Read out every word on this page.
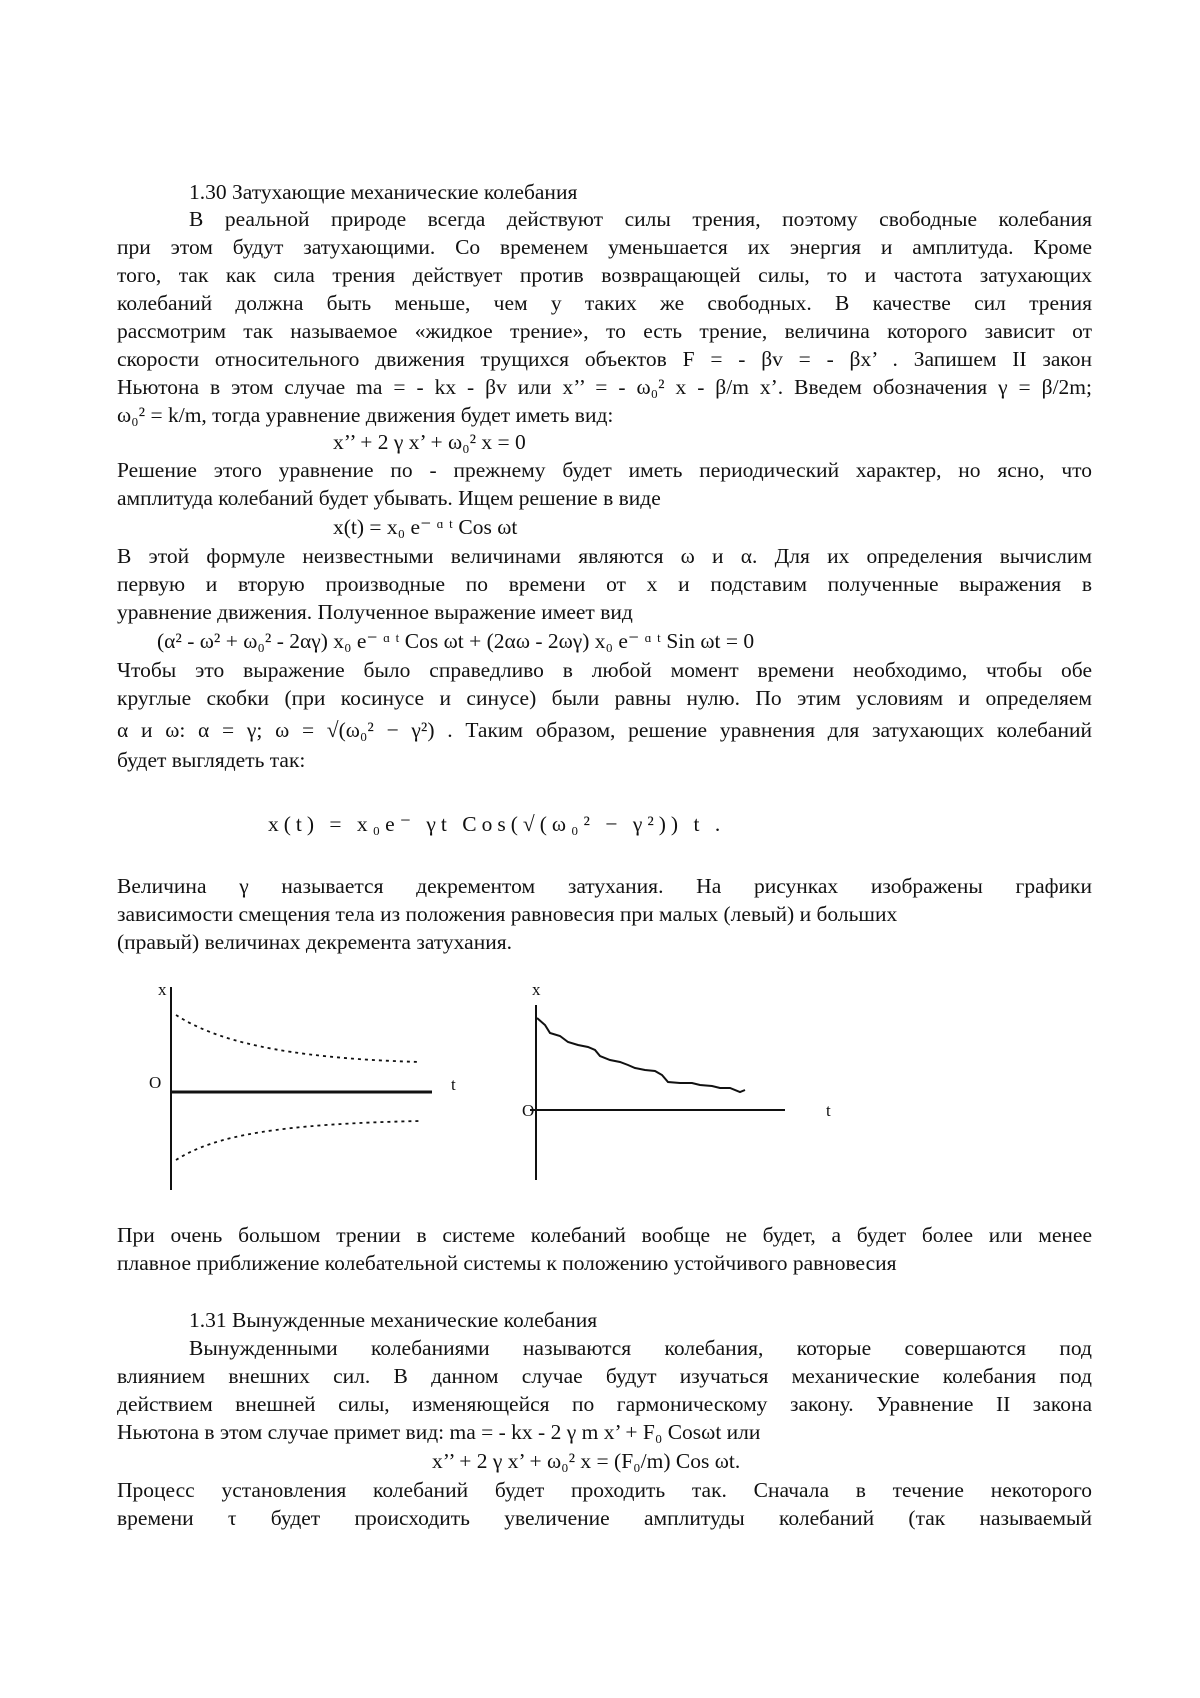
1.30 Затухающие механические колебания
В реальной природе всегда действуют силы трения, поэтому свободные колебания
при этом будут затухающими. Со временем уменьшается их энергия и амплитуда. Кроме
того, так как сила трения действует против возвращающей силы, то и частота затухающих
колебаний должна быть меньше, чем у таких же свободных. В качестве сил трения
рассмотрим так называемое «жидкое трение», то есть трение, величина которого зависит от
скорости относительного движения трущихся объектов F = - βv = - βx’ . Запишем II закон
Ньютона в этом случае ma = - kx - βv или x’’ = - ω₀² x - β/m x’. Введем обозначения γ = β/2m;
ω₀² = k/m, тогда уравнение движения будет иметь вид:
x’’ + 2 γ x’ + ω₀² x = 0
Решение этого уравнение по - прежнему будет иметь периодический характер, но ясно, что
амплитуда колебаний будет убывать. Ищем решение в виде
x(t) = x₀ e⁻ ᵅ ᵗ Cos ωt
В этой формуле неизвестными величинами являются ω и α. Для их определения вычислим
первую и вторую производные по времени от x и подставим полученные выражения в
уравнение движения. Полученное выражение имеет вид
(α² - ω² + ω₀² - 2αγ) x₀ e⁻ ᵅ ᵗ Cos ωt + (2αω - 2ωγ) x₀ e⁻ ᵅ ᵗ Sin ωt = 0
Чтобы это выражение было справедливо в любой момент времени необходимо, чтобы обе
круглые скобки (при косинусе и синусе) были равны нулю. По этим условиям и определяем
α и ω: α = γ; ω = √(ω₀² − γ²) . Таким образом, решение уравнения для затухающих колебаний
будет выглядеть так:
x(t) = x₀e⁻ γt Cos(√(ω₀² − γ²)) t .
Величина γ называется декрементом затухания. На рисунках изображены графики
зависимости смещения тела из положения равновесия при малых (левый) и больших
(правый) величинах декремента затухания.
x
t
O
x
t
O
При очень большом трении в системе колебаний вообще не будет, а будет более или менее
плавное приближение колебательной системы к положению устойчивого равновесия
1.31 Вынужденные механические колебания
Вынужденными колебаниями называются колебания, которые совершаются под
влиянием внешних сил. В данном случае будут изучаться механические колебания под
действием внешней силы, изменяющейся по гармоническому закону. Уравнение II закона
Ньютона в этом случае примет вид: ma = - kx - 2 γ m x’ + F₀ Cosωt или
x’’ + 2 γ x’ + ω₀² x = (F₀/m) Cos ωt.
Процесс установления колебаний будет проходить так. Сначала в течение некоторого
времени τ будет происходить увеличение амплитуды колебаний (так называемый
